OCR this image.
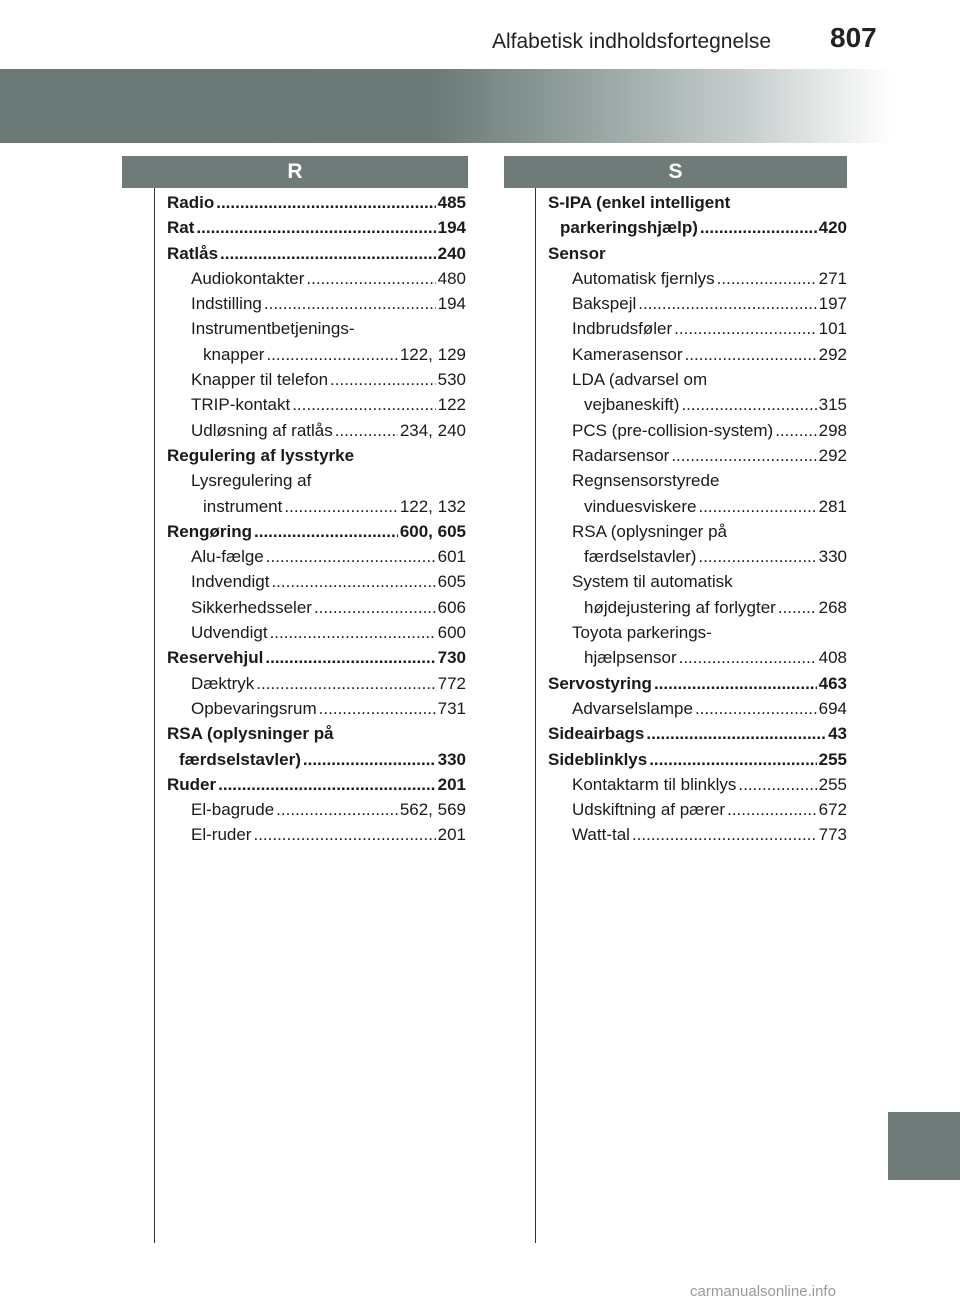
Alfabetisk indholdsfortegnelse 807
R	S
Radio .....	485
Rat .....	194
Ratlås .....	240
Audiokontakter .....	480
Indstilling .....	194
Instrumentbetjenings-
knapper .....	122, 129
Knapper til telefon .....	530
TRIP-kontakt .....	122
Udløsning af ratlås .....	234, 240
Regulering af lysstyrke
Lysregulering af
instrument .....	122, 132
Rengøring .....	600, 605
Alu-fælge .....	601
Indvendigt .....	605
Sikkerhedsseler .....	606
Udvendigt .....	600
Reservehjul .....	730
Dæktryk .....	772
Opbevaringsrum .....	731
RSA (oplysninger på
færdselstavler) .....	330
Ruder .....	201
El-bagrude .....	562, 569
El-ruder .....	201
S-IPA (enkel intelligent
parkeringshjælp) .....	420
Sensor
Automatisk fjernlys .....	271
Bakspejl .....	197
Indbrudsføler .....	101
Kamerasensor .....	292
LDA (advarsel om
vejbaneskift) .....	315
PCS (pre-collision-system) .....	298
Radarsensor .....	292
Regnsensorstyrede
vinduesviskere .....	281
RSA (oplysninger på
færdselstavler) .....	330
System til automatisk
højdejustering af forlygter .....	268
Toyota parkerings-
hjælpsensor .....	408
Servostyring .....	463
Advarselslampe .....	694
Sideairbags .....	43
Sideblinklys .....	255
Kontaktarm til blinklys .....	255
Udskiftning af pærer .....	672
Watt-tal .....	773
carmanualsonline.info
